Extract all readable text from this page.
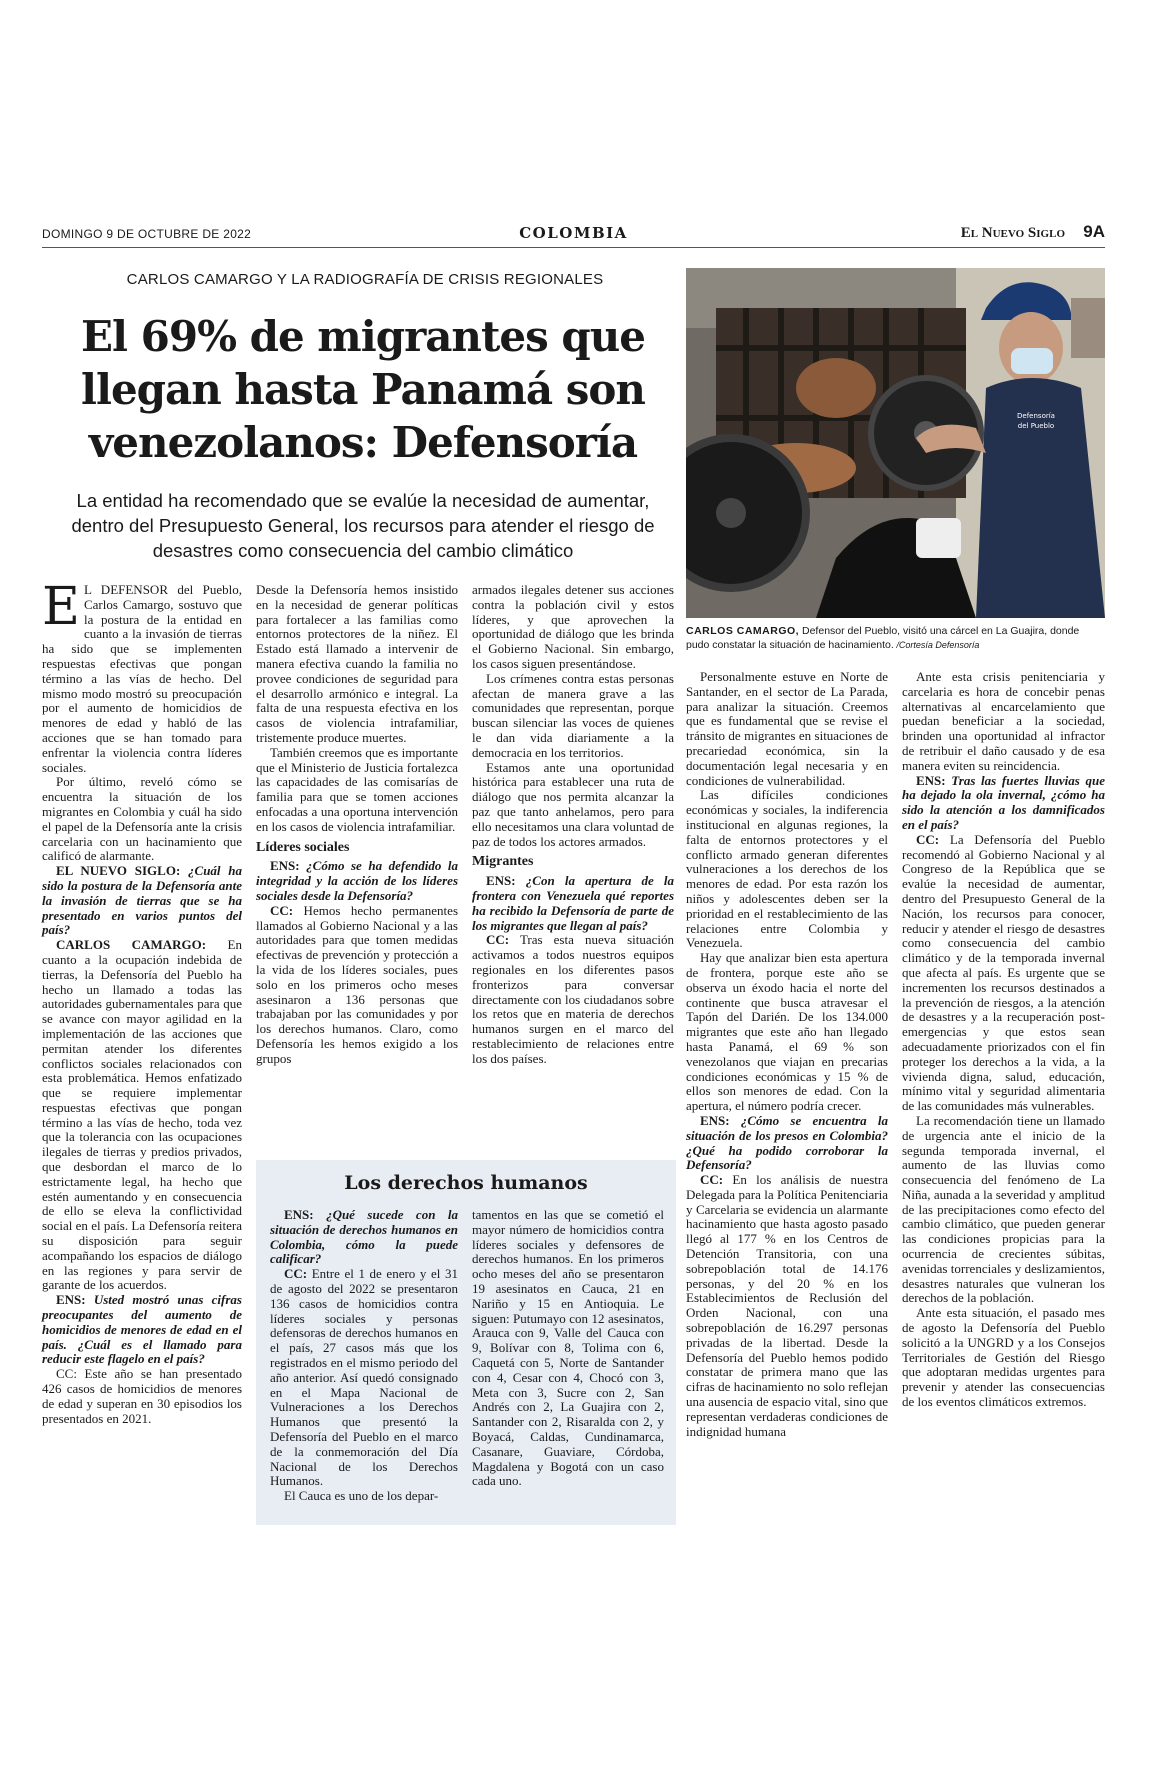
DOMINGO 9 DE OCTUBRE DE 2022	COLOMBIA	El Nuevo Siglo 9A
CARLOS CAMARGO Y LA RADIOGRAFÍA DE CRISIS REGIONALES
El 69% de migrantes que llegan hasta Panamá son venezolanos: Defensoría
La entidad ha recomendado que se evalúe la necesidad de aumentar, dentro del Presupuesto General, los recursos para atender el riesgo de desastres como consecuencia del cambio climático
Defensoría
del Pueblo
CARLOS CAMARGO, Defensor del Pueblo, visitó una cárcel en La Guajira, donde pudo constatar la situación de hacinamiento. /Cortesía Defensoría

E L DEFENSOR del Pueblo, Carlos Camargo, sostuvo que la postura de la entidad en cuanto a la invasión de tierras ha sido que se implementen respuestas efectivas que pongan término a las vías de hecho. Del mismo modo mostró su preocupación por el aumento de homicidios de menores de edad y habló de las acciones que se han tomado para enfrentar la violencia contra líderes sociales.

Por último, reveló cómo se encuentra la situación de los migrantes en Colombia y cuál ha sido el papel de la Defensoría ante la crisis carcelaria con un hacinamiento que calificó de alarmante.

EL NUEVO SIGLO: ¿Cuál ha sido la postura de la Defensoría ante la invasión de tierras que se ha presentado en varios puntos del país?

CARLOS CAMARGO: En cuanto a la ocupación indebida de tierras, la Defensoría del Pueblo ha hecho un llamado a todas las autoridades gubernamentales para que se avance con mayor agilidad en la implementación de las acciones que permitan atender los diferentes conflictos sociales relacionados con esta problemática. Hemos enfatizado que se requiere implementar respuestas efectivas que pongan término a las vías de hecho, toda vez que la tolerancia con las ocupaciones ilegales de tierras y predios privados, que desbordan el marco de lo estrictamente legal, ha hecho que estén aumentando y en consecuencia de ello se eleva la conflictividad social en el país. La Defensoría reitera su disposición para seguir acompañando los espacios de diálogo en las regiones y para servir de garante de los acuerdos.

ENS: Usted mostró unas cifras preocupantes del aumento de homicidios de menores de edad en el país. ¿Cuál es el llamado para reducir este flagelo en el país?

CC: Este año se han presentado 426 casos de homicidios de menores de edad y superan en 30 episodios los presentados en 2021.

Desde la Defensoría hemos insistido en la necesidad de generar políticas para fortalecer a las familias como entornos protectores de la niñez. El Estado está llamado a intervenir de manera efectiva cuando la familia no provee condiciones de seguridad para el desarrollo armónico e integral. La falta de una respuesta efectiva en los casos de violencia intrafamiliar, tristemente produce muertes.

También creemos que es importante que el Ministerio de Justicia fortalezca las capacidades de las comisarías de familia para que se tomen acciones enfocadas a una oportuna intervención en los casos de violencia intrafamiliar.

Líderes sociales

ENS: ¿Cómo se ha defendido la integridad y la acción de los líderes sociales desde la Defensoría?

CC: Hemos hecho permanentes llamados al Gobierno Nacional y a las autoridades para que tomen medidas efectivas de prevención y protección a la vida de los líderes sociales, pues solo en los primeros ocho meses asesinaron a 136 personas que trabajaban por las comunidades y por los derechos humanos. Claro, como Defensoría les hemos exigido a los grupos

armados ilegales detener sus acciones contra la población civil y estos líderes, y que aprovechen la oportunidad de diálogo que les brinda el Gobierno Nacional. Sin embargo, los casos siguen presentándose.

Los crímenes contra estas personas afectan de manera grave a las comunidades que representan, porque buscan silenciar las voces de quienes le dan vida diariamente a la democracia en los territorios.

Estamos ante una oportunidad histórica para establecer una ruta de diálogo que nos permita alcanzar la paz que tanto anhelamos, pero para ello necesitamos una clara voluntad de paz de todos los actores armados.

Migrantes

ENS: ¿Con la apertura de la frontera con Venezuela qué reportes ha recibido la Defensoría de parte de los migrantes que llegan al país?

CC: Tras esta nueva situación activamos a todos nuestros equipos regionales en los diferentes pasos fronterizos para conversar directamente con los ciudadanos sobre los retos que en materia de derechos humanos surgen en el marco del restablecimiento de relaciones entre los dos países.

Los derechos humanos

ENS: ¿Qué sucede con la situación de derechos humanos en Colombia, cómo la puede calificar?

CC: Entre el 1 de enero y el 31 de agosto del 2022 se presentaron 136 casos de homicidios contra líderes sociales y personas defensoras de derechos humanos en el país, 27 casos más que los registrados en el mismo periodo del año anterior. Así quedó consignado en el Mapa Nacional de Vulneraciones a los Derechos Humanos que presentó la Defensoría del Pueblo en el marco de la conmemoración del Día Nacional de los Derechos Humanos.

El Cauca es uno de los depar-

tamentos en las que se cometió el mayor número de homicidios contra líderes sociales y defensores de derechos humanos. En los primeros ocho meses del año se presentaron 19 asesinatos en Cauca, 21 en Nariño y 15 en Antioquia. Le siguen: Putumayo con 12 asesinatos, Arauca con 9, Valle del Cauca con 9, Bolívar con 8, Tolima con 6, Caquetá con 5, Norte de Santander con 4, Cesar con 4, Chocó con 3, Meta con 3, Sucre con 2, San Andrés con 2, La Guajira con 2, Santander con 2, Risaralda con 2, y Boyacá, Caldas, Cundinamarca, Casanare, Guaviare, Córdoba, Magdalena y Bogotá con un caso cada uno.

Personalmente estuve en Norte de Santander, en el sector de La Parada, para analizar la situación. Creemos que es fundamental que se revise el tránsito de migrantes en situaciones de precariedad económica, sin la documentación legal necesaria y en condiciones de vulnerabilidad.

Las difíciles condiciones económicas y sociales, la indiferencia institucional en algunas regiones, la falta de entornos protectores y el conflicto armado generan diferentes vulneraciones a los derechos de los menores de edad. Por esta razón los niños y adolescentes deben ser la prioridad en el restablecimiento de las relaciones entre Colombia y Venezuela.

Hay que analizar bien esta apertura de frontera, porque este año se observa un éxodo hacia el norte del continente que busca atravesar el Tapón del Darién. De los 134.000 migrantes que este año han llegado hasta Panamá, el 69 % son venezolanos que viajan en precarias condiciones económicas y 15 % de ellos son menores de edad. Con la apertura, el número podría crecer.

ENS: ¿Cómo se encuentra la situación de los presos en Colombia? ¿Qué ha podido corroborar la Defensoría?

CC: En los análisis de nuestra Delegada para la Política Penitenciaria y Carcelaria se evidencia un alarmante hacinamiento que hasta agosto pasado llegó al 177 % en los Centros de Detención Transitoria, con una sobrepoblación total de 14.176 personas, y del 20 % en los Establecimientos de Reclusión del Orden Nacional, con una sobrepoblación de 16.297 personas privadas de la libertad. Desde la Defensoría del Pueblo hemos podido constatar de primera mano que las cifras de hacinamiento no solo reflejan una ausencia de espacio vital, sino que representan verdaderas condiciones de indignidad humana

Ante esta crisis penitenciaria y carcelaria es hora de concebir penas alternativas al encarcelamiento que puedan beneficiar a la sociedad, brinden una oportunidad al infractor de retribuir el daño causado y de esa manera eviten su reincidencia.

ENS: Tras las fuertes lluvias que ha dejado la ola invernal, ¿cómo ha sido la atención a los damnificados en el país?

CC: La Defensoría del Pueblo recomendó al Gobierno Nacional y al Congreso de la República que se evalúe la necesidad de aumentar, dentro del Presupuesto General de la Nación, los recursos para conocer, reducir y atender el riesgo de desastres como consecuencia del cambio climático y de la temporada invernal que afecta al país. Es urgente que se incrementen los recursos destinados a la prevención de riesgos, a la atención de desastres y a la recuperación post-emergencias y que estos sean adecuadamente priorizados con el fin proteger los derechos a la vida, a la vivienda digna, salud, educación, mínimo vital y seguridad alimentaria de las comunidades más vulnerables.

La recomendación tiene un llamado de urgencia ante el inicio de la segunda temporada invernal, el aumento de las lluvias como consecuencia del fenómeno de La Niña, aunada a la severidad y amplitud de las precipitaciones como efecto del cambio climático, que pueden generar las condiciones propicias para la ocurrencia de crecientes súbitas, avenidas torrenciales y deslizamientos, desastres naturales que vulneran los derechos de la población.

Ante esta situación, el pasado mes de agosto la Defensoría del Pueblo solicitó a la UNGRD y a los Consejos Territoriales de Gestión del Riesgo que adoptaran medidas urgentes para prevenir y atender las consecuencias de los eventos climáticos extremos.
